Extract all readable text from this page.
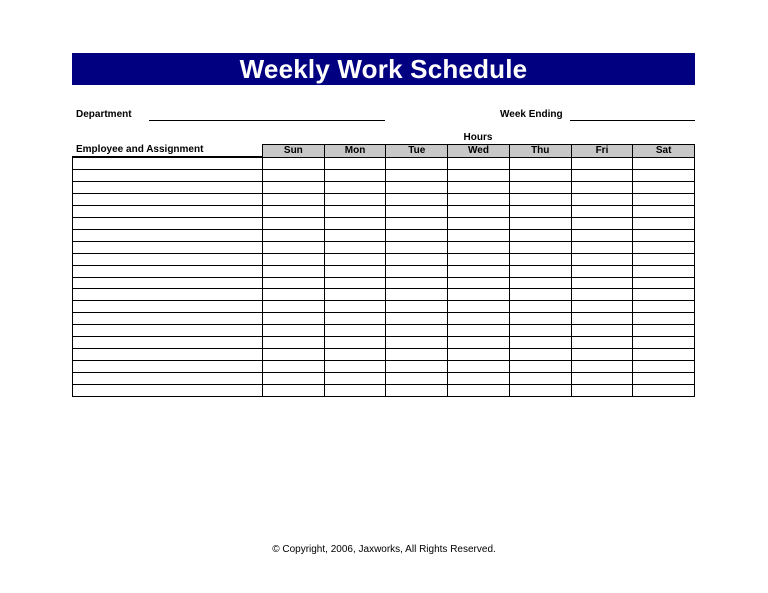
Weekly Work Schedule
Department	Week Ending
Hours
Employee and Assignment	Sun	Mon	Tue	Wed	Thu	Fri	Sat
© Copyright, 2006, Jaxworks, All Rights Reserved.
